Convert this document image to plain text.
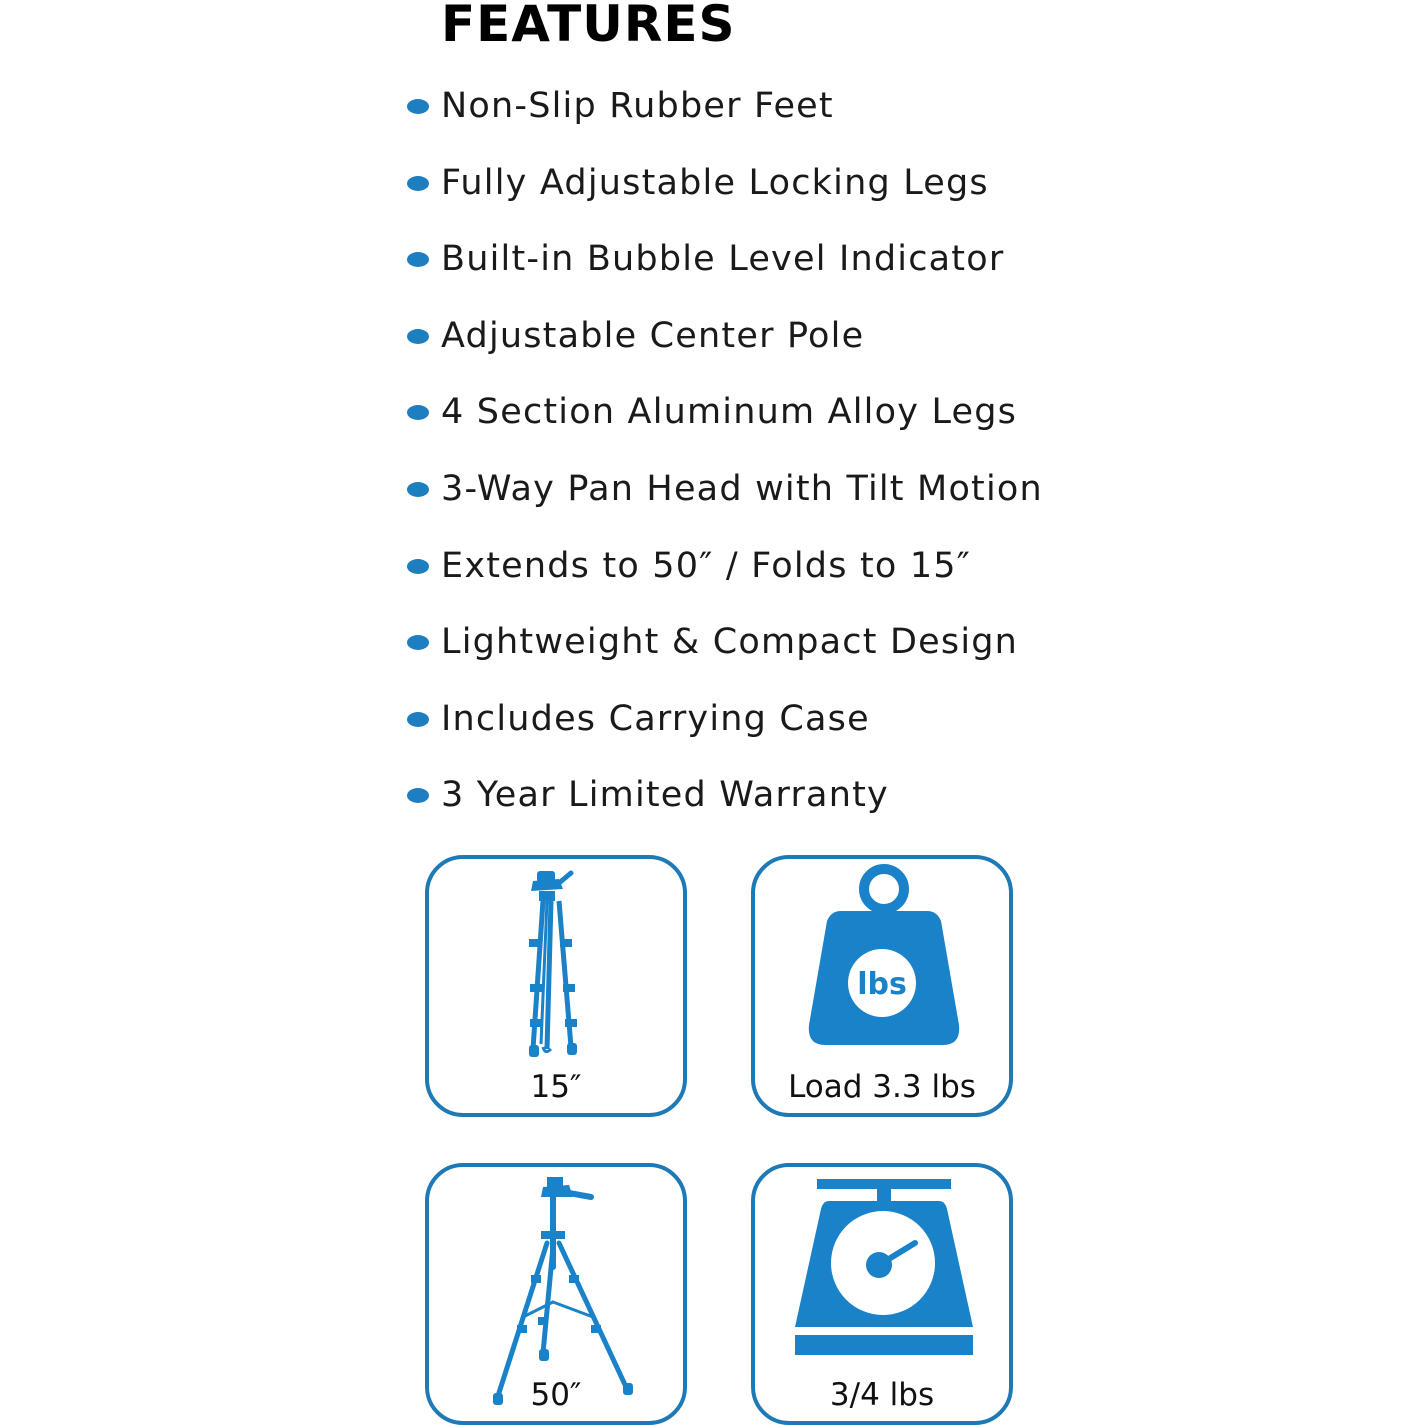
FEATURES
Non-Slip Rubber Feet
Fully Adjustable Locking Legs
Built-in Bubble Level Indicator
Adjustable Center Pole
4 Section Aluminum Alloy Legs
3-Way Pan Head with Tilt Motion
Extends to 50″ / Folds to 15″
Lightweight & Compact Design
Includes Carrying Case
3 Year Limited Warranty
15″
lbs
Load 3.3 lbs
50″	3/4 lbs
